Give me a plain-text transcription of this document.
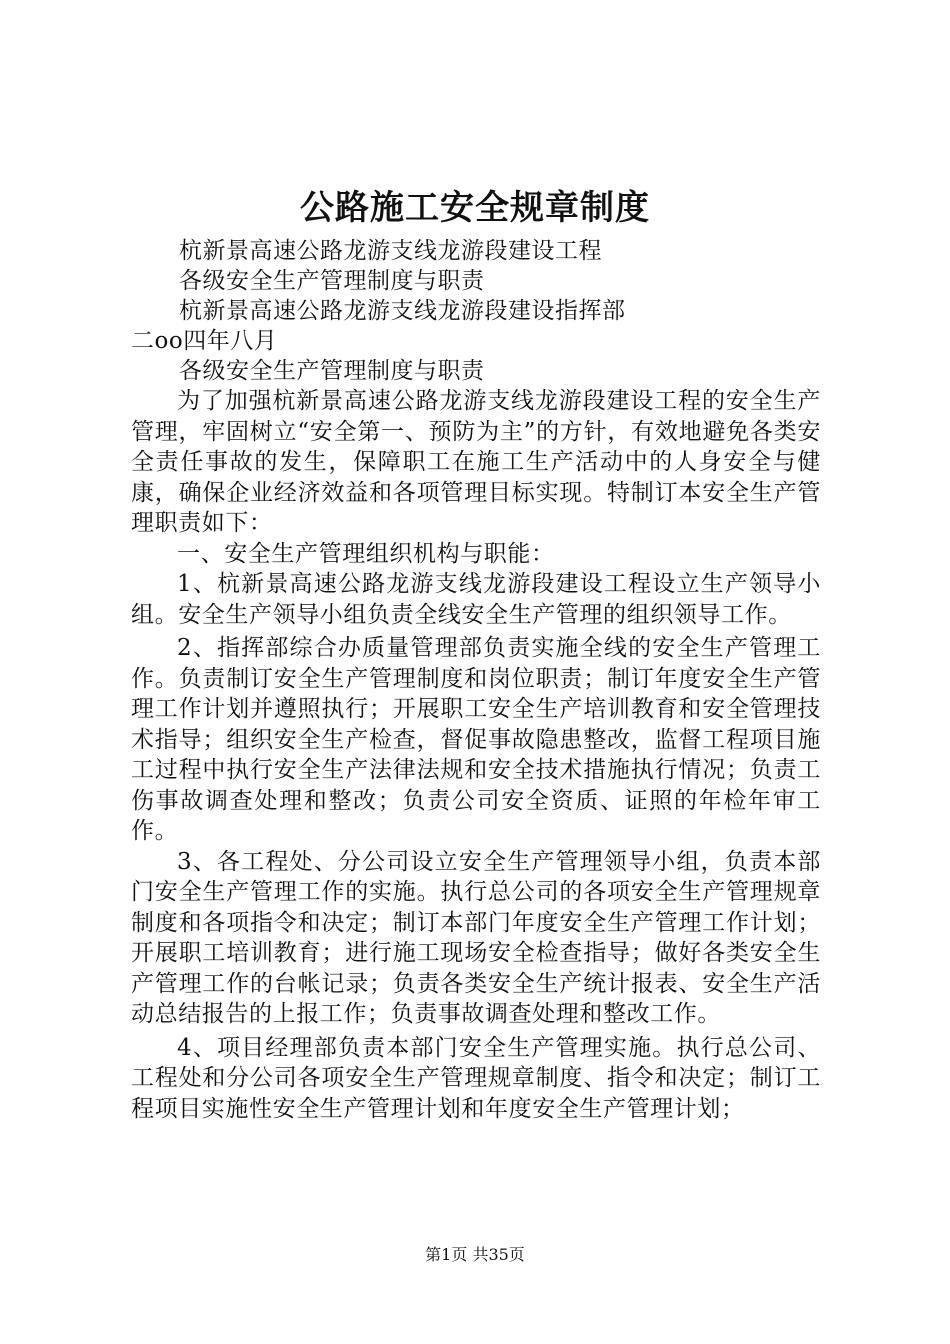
公路施工安全规章制度
杭新景高速公路龙游支线龙游段建设工程
各级安全生产管理制度与职责
杭新景高速公路龙游支线龙游段建设指挥部
二oo四年八月
各级安全生产管理制度与职责

为了加强杭新景高速公路龙游支线龙游段建设工程的安全生产管理，牢固树立“安全第一、预防为主”的方针，有效地避免各类安全责任事故的发生，保障职工在施工生产活动中的人身安全与健康，确保企业经济效益和各项管理目标实现。特制订本安全生产管理职责如下：

一、安全生产管理组织机构与职能：

1、杭新景高速公路龙游支线龙游段建设工程设立生产领导小组。安全生产领导小组负责全线安全生产管理的组织领导工作。

2、指挥部综合办质量管理部负责实施全线的安全生产管理工作。负责制订安全生产管理制度和岗位职责；制订年度安全生产管理工作计划并遵照执行；开展职工安全生产培训教育和安全管理技术指导；组织安全生产检查，督促事故隐患整改，监督工程项目施工过程中执行安全生产法律法规和安全技术措施执行情况；负责工伤事故调查处理和整改；负责公司安全资质、证照的年检年审工作。

3、各工程处、分公司设立安全生产管理领导小组，负责本部门安全生产管理工作的实施。执行总公司的各项安全生产管理规章制度和各项指令和决定；制订本部门年度安全生产管理工作计划；开展职工培训教育；进行施工现场安全检查指导；做好各类安全生产管理工作的台帐记录；负责各类安全生产统计报表、安全生产活动总结报告的上报工作；负责事故调查处理和整改工作。

4、项目经理部负责本部门安全生产管理实施。执行总公司、工程处和分公司各项安全生产管理规章制度、指令和决定；制订工程项目实施性安全生产管理计划和年度安全生产管理计划；

第1页 共35页
